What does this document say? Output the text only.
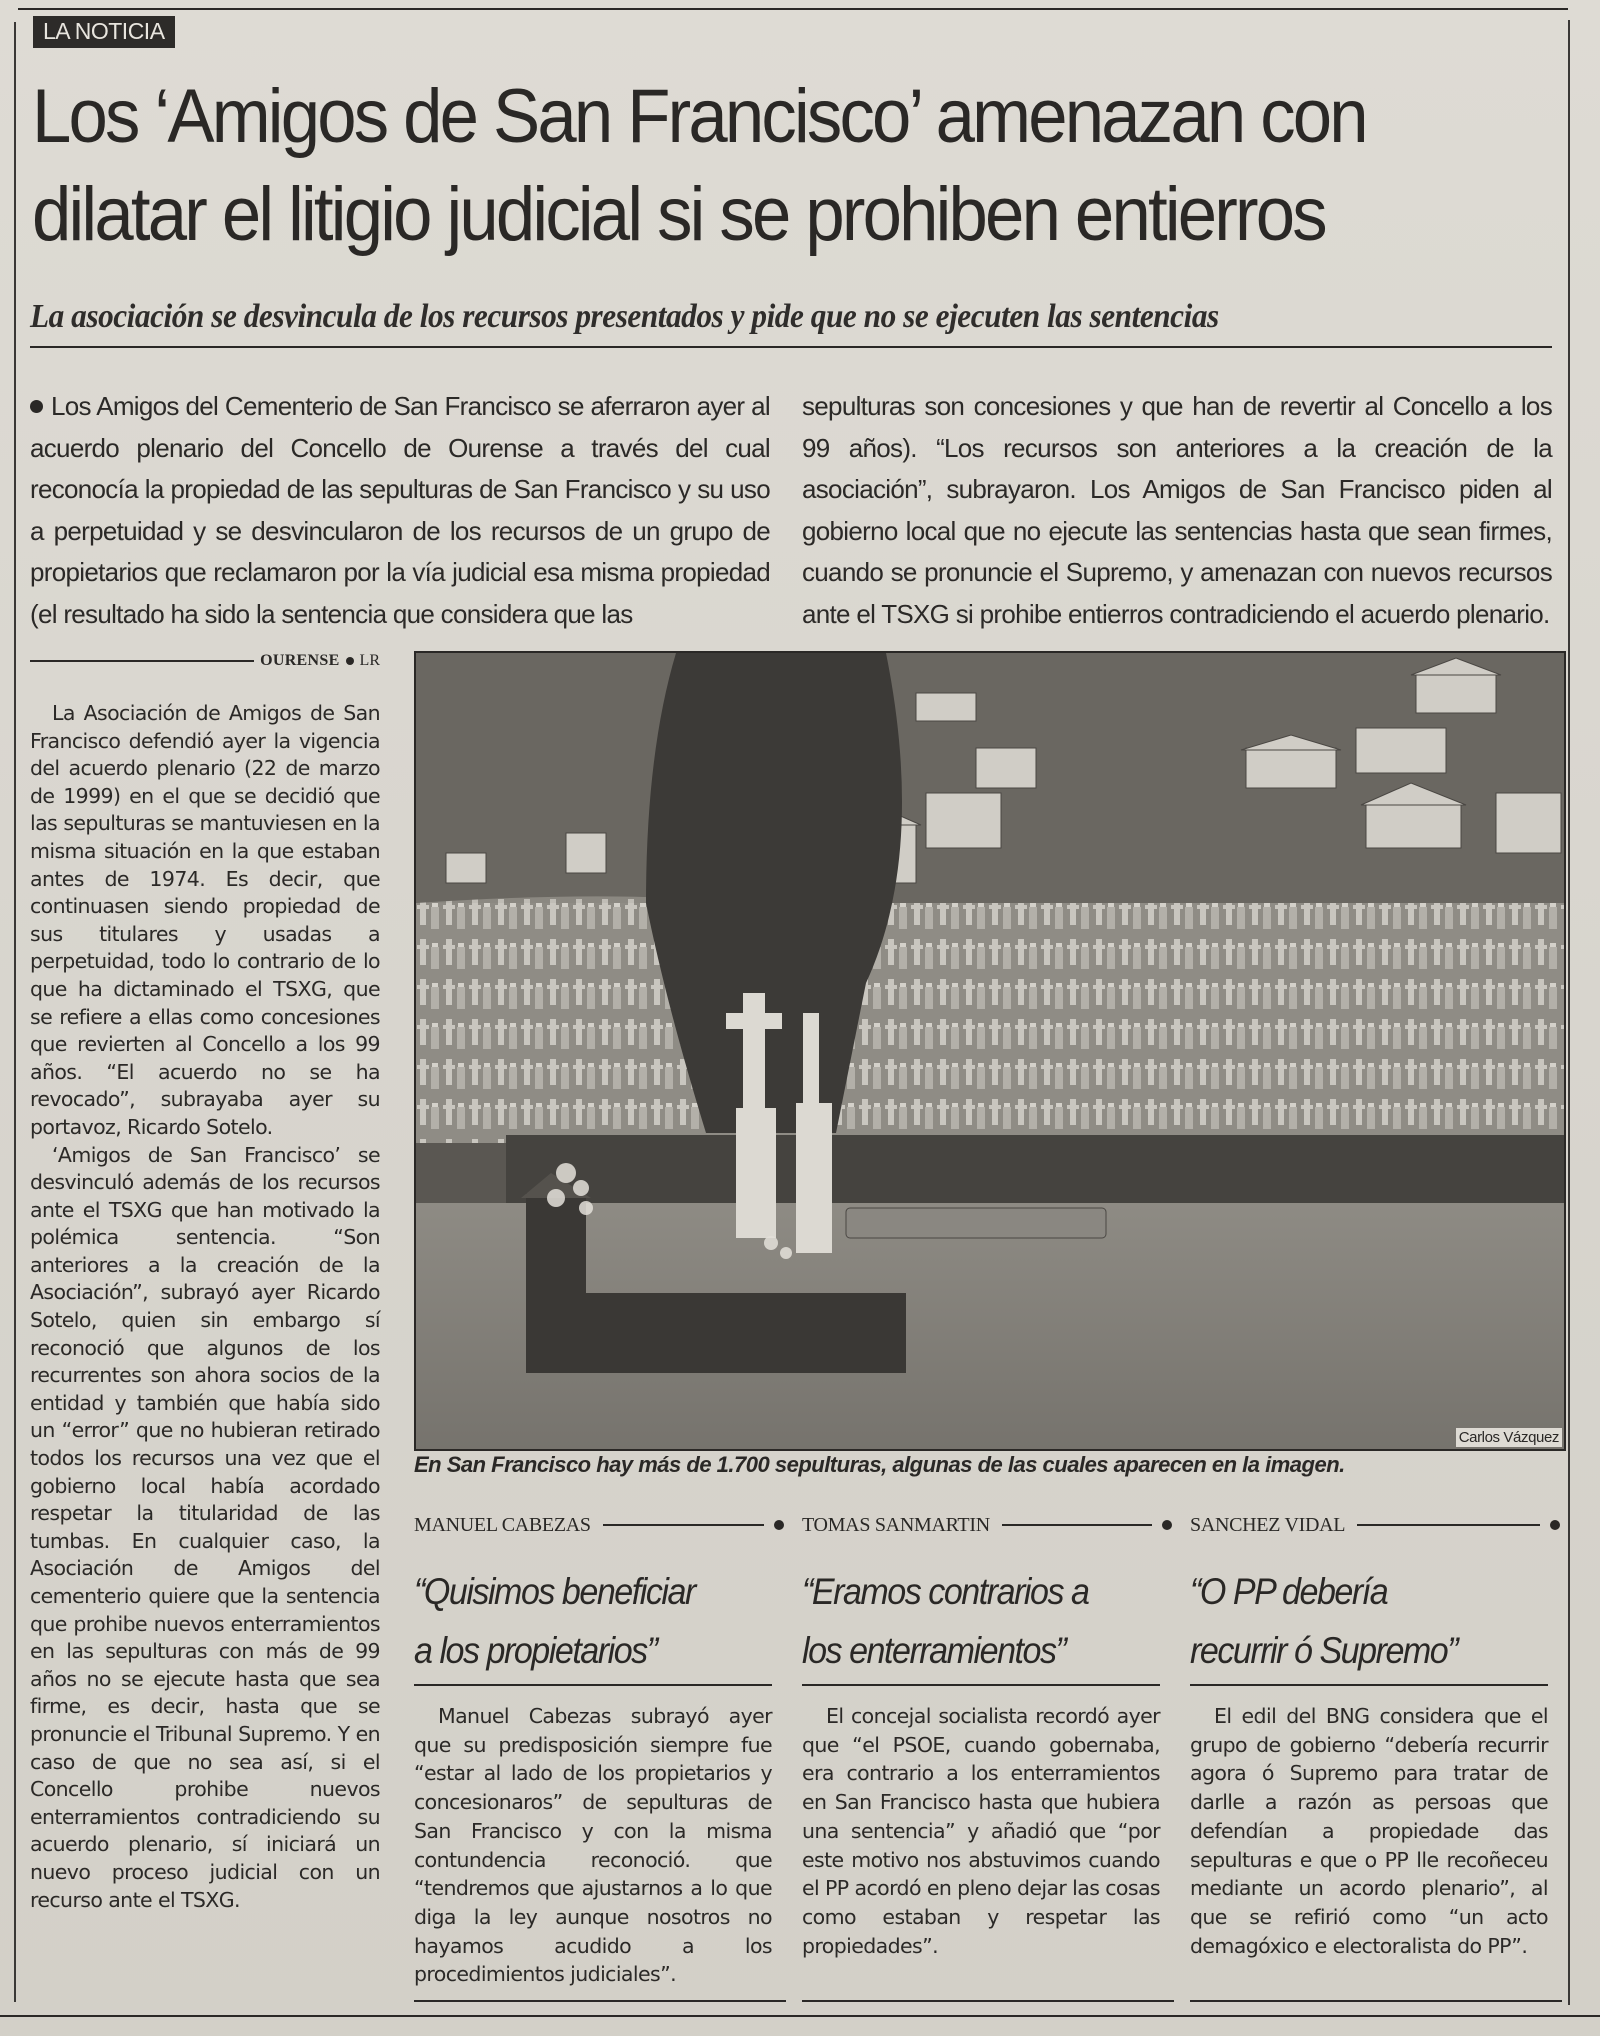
LA NOTICIA
Los ‘Amigos de San Francisco’ amenazan con
dilatar el litigio judicial si se prohiben entierros
La asociación se desvincula de los recursos presentados y pide que no se ejecuten las sentencias
Los Amigos del Cementerio de San Francisco se aferraron ayer al acuerdo plenario del Concello de Ourense a través del cual reconocía la propiedad de las sepulturas de San Francisco y su uso a perpetuidad y se desvincularon de los recursos de un grupo de propietarios que reclamaron por la vía judicial esa misma propiedad (el resultado ha sido la sentencia que considera que las
sepulturas son concesiones y que han de revertir al Concello a los 99 años). “Los recursos son anteriores a la creación de la asociación”, subrayaron. Los Amigos de San Francisco piden al gobierno local que no ejecute las sentencias hasta que sean firmes, cuando se pronuncie el Supremo, y amenazan con nuevos recursos ante el TSXG si prohibe entierros contradiciendo el acuerdo plenario.
OURENSE LR

La Asociación de Amigos de San Francisco defendió ayer la vigencia del acuerdo plenario (22 de marzo de 1999) en el que se decidió que las sepulturas se mantuviesen en la misma situación en la que estaban antes de 1974. Es decir, que continuasen siendo propiedad de sus titulares y usadas a perpetuidad, todo lo contrario de lo que ha dictaminado el TSXG, que se refiere a ellas como concesiones que revierten al Concello a los 99 años. “El acuerdo no se ha revocado”, subrayaba ayer su portavoz, Ricardo Sotelo.

‘Amigos de San Francisco’ se desvinculó además de los recursos ante el TSXG que han motivado la polémica sentencia. “Son anteriores a la creación de la Asociación”, subrayó ayer Ricardo Sotelo, quien sin embargo sí reconoció que algunos de los recurrentes son ahora socios de la entidad y también que había sido un “error” que no hubieran retirado todos los recursos una vez que el gobierno local había acordado respetar la titularidad de las tumbas. En cualquier caso, la Asociación de Amigos del cementerio quiere que la sentencia que prohibe nuevos enterramientos en las sepulturas con más de 99 años no se ejecute hasta que sea firme, es decir, hasta que se pronuncie el Tribunal Supremo. Y en caso de que no sea así, si el Concello prohibe nuevos enterramientos contradiciendo su acuerdo plenario, sí iniciará un nuevo proceso judicial con un recurso ante el TSXG.

Carlos Vázquez
En San Francisco hay más de 1.700 sepulturas, algunas de las cuales aparecen en la imagen.
MANUEL CABEZAS
“Quisimos beneficiar
a los propietarios”

Manuel Cabezas subrayó ayer que su predisposición siempre fue “estar al lado de los propietarios y concesionaros” de sepulturas de San Francisco y con la misma contundencia reconoció. que “tendremos que ajustarnos a lo que diga la ley aunque nosotros no hayamos acudido a los procedimientos judiciales”.

TOMAS SANMARTIN
“Eramos contrarios a
los enterramientos”

El concejal socialista recordó ayer que “el PSOE, cuando gobernaba, era contrario a los enterramientos en San Francisco hasta que hubiera una sentencia” y añadió que “por este motivo nos abstuvimos cuando el PP acordó en pleno dejar las cosas como estaban y respetar las propiedades”.

SANCHEZ VIDAL
“O PP debería
recurrir ó Supremo”

El edil del BNG considera que el grupo de gobierno “debería recurrir agora ó Supremo para tratar de darlle a razón as persoas que defendían a propiedade das sepulturas e que o PP lle recoñeceu mediante un acordo plenario”, al que se refirió como “un acto demagóxico e electoralista do PP”.
